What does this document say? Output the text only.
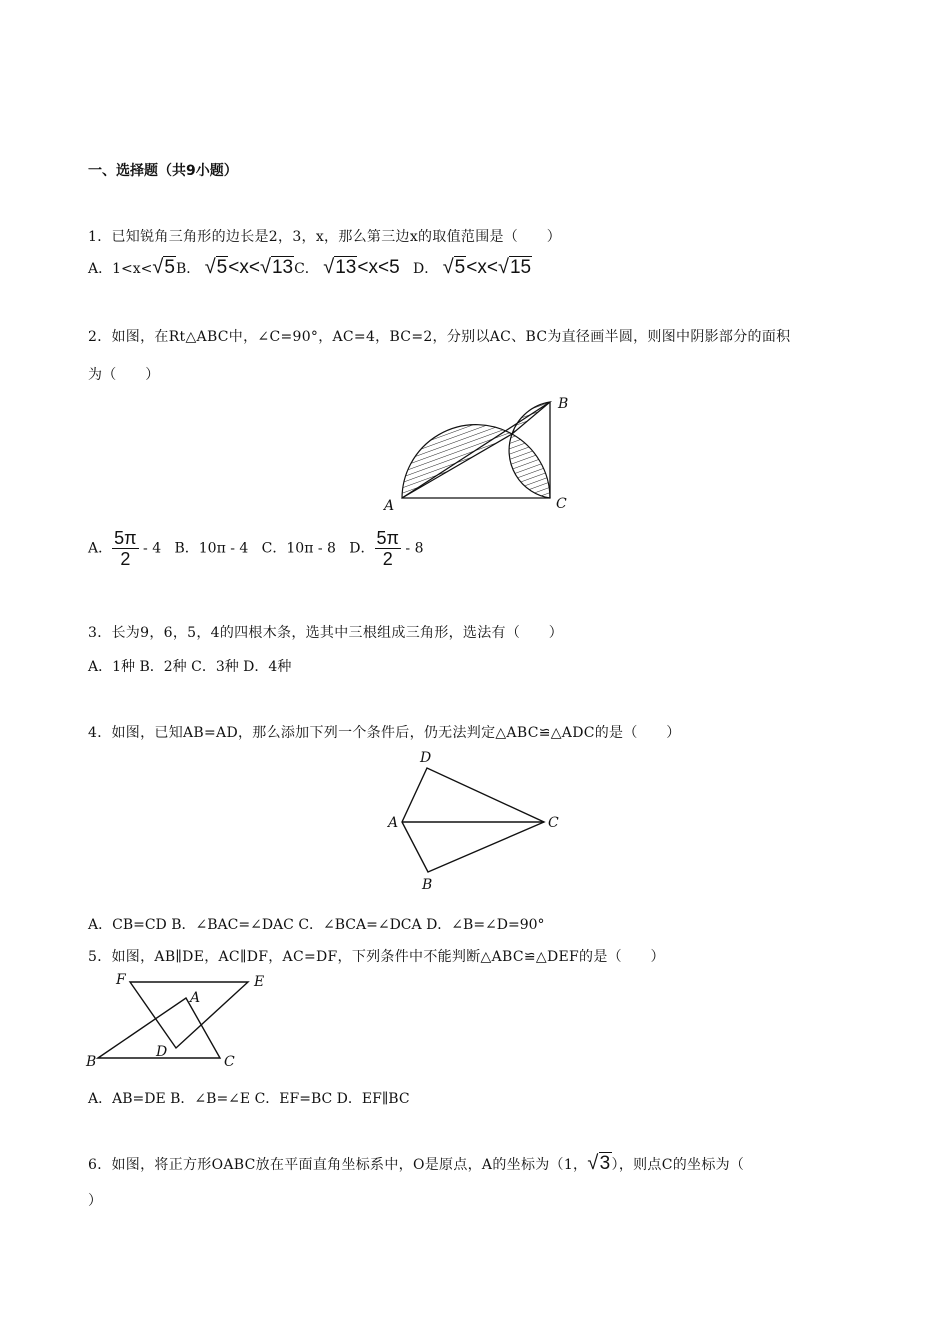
一、选择题（共9小题）
1．已知锐角三角形的边长是2，3，x，那么第三边x的取值范围是（　　）
A．1<x<√5B． √5<x<√13C． √13<x<5 D． √5<x<√15
2．如图，在Rt△ABC中，∠C=90°，AC=4，BC=2，分别以AC、BC为直径画半圆，则图中阴影部分的面积
为（　　）
A
B
C
A． $\frac{5\pi}{2} - 4$ B．10π - 4 C．10π - 8 D． $\frac{5\pi}{2} - 8$
3．长为9，6，5，4的四根木条，选其中三根组成三角形，选法有（　　）
A．1种 B．2种 C．3种 D．4种
4．如图，已知AB=AD，那么添加下列一个条件后，仍无法判定△ABC≌△ADC的是（　　）
D
A	C
B
A．CB=CD B．∠BAC=∠DAC C．∠BCA=∠DCA D．∠B=∠D=90°
5．如图，AB∥DE，AC∥DF，AC=DF，下列条件中不能判断△ABC≌△DEF的是（　　）
F	E
A
D
B	C
A．AB=DE B．∠B=∠E C．EF=BC D．EF∥BC
6．如图，将正方形OABC放在平面直角坐标系中，O是原点，A的坐标为（1，√3），则点C的坐标为（
）
